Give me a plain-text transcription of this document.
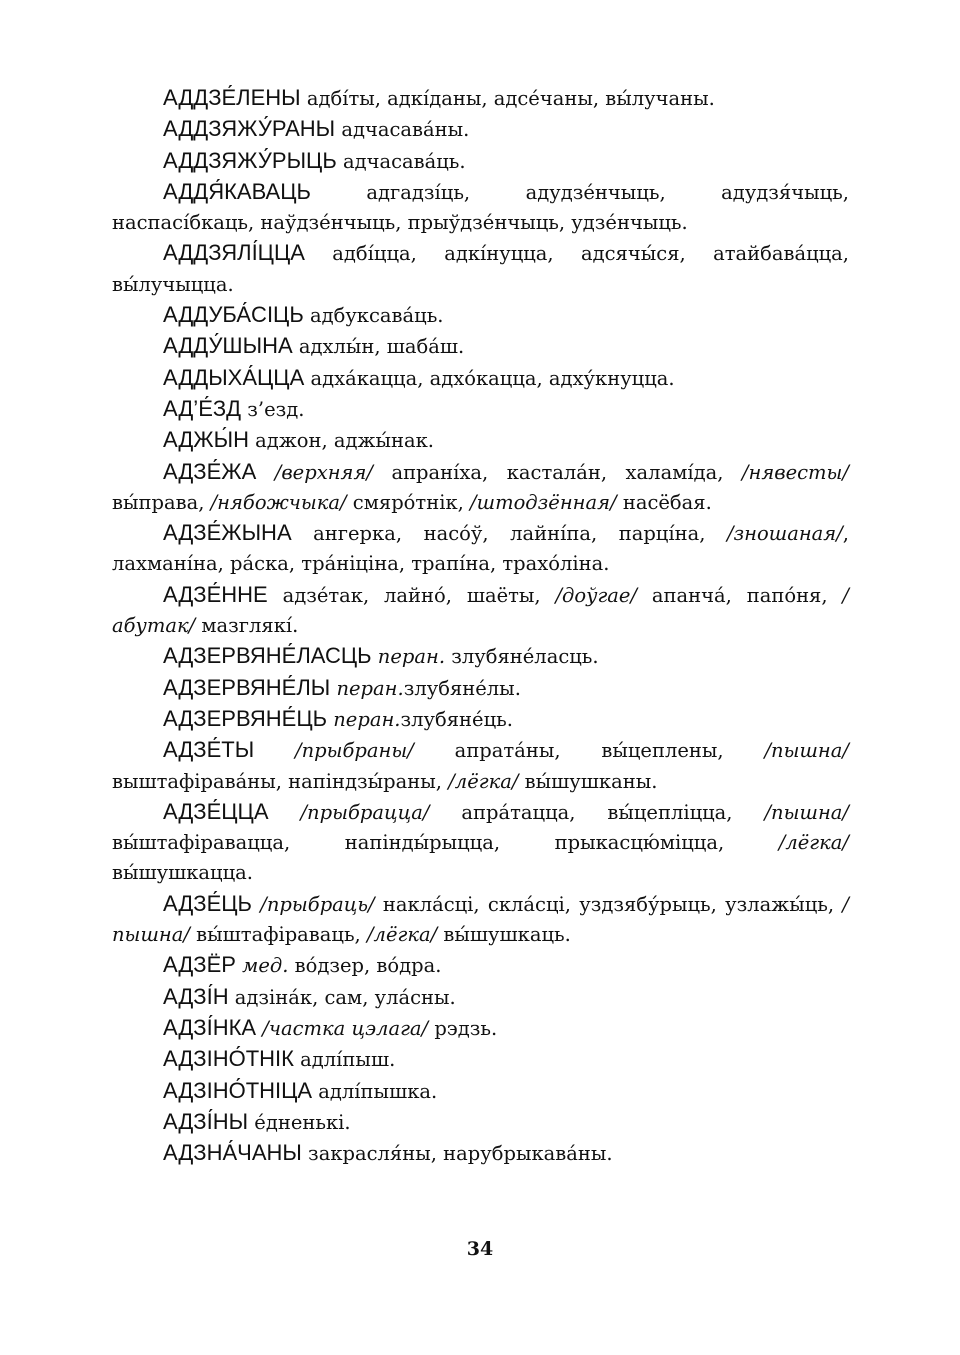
АДДЗЕ́ЛЕНЫ адбі́ты, адкі́даны, адсе́чаны, вы́лучаны.

АДДЗЯЖУ́РАНЫ адчасава́ны.

АДДЗЯЖУ́РЫЦЬ адчасава́ць.

АДДЯ́КАВАЦЬ адгадзі́ць, адудзе́нчыць, адудзя́чыць, наспасі́бкаць, наўдзе́нчыць, прыўдзе́нчыць, удзе́нчыць.

АДДЗЯЛІ́ЦЦА адбі́цца, адкі́нуцца, адсячы́ся, атайбава́цца, вы́лучыцца.

АДДУБА́СІЦЬ адбуксава́ць.

АДДУ́ШЫНА адхлы́н, шаба́ш.

АДДЫХА́ЦЦА адха́кацца, адхо́кацца, адху́кнуцца.

АД’Е́ЗД з’езд.

АДЖЫ́Н аджон, аджы́нак.

АДЗЕ́ЖА /верхняя/ апрані́ха, кастала́н, халамі́да, /нявесты/ вы́права, /нябожчыка/ смяро́тнік, /штодзённая/ насёбая.

АДЗЕ́ЖЫНА ангерка, насо́ў, лайні́па, парці́на, /зношаная/, лахмані́на, ра́ска, тра́ніціна, трапі́на, трахо́ліна.

АДЗЕ́ННЕ адзе́так, лайно́, шаёты, /доўгае/ апанча́, папо́ня, /абутак/ мазглякі́.

АДЗЕРВЯНЕ́ЛАСЦЬ перан. злубяне́ласць.

АДЗЕРВЯНЕ́ЛЫ перан.злубяне́лы.

АДЗЕРВЯНЕ́ЦЬ перан.злубяне́ць.

АДЗЕ́ТЫ /прыбраны/ апрата́ны, вы́цеплены, /пышна/ выштафірава́ны, напіндзы́раны, /лёгка/ вы́шушканы.

АДЗЕ́ЦЦА /прыбрацца/ апра́тацца, вы́цепліцца, /пышна/ вы́штафіравацца, напінды́рыцца, прыкасцю́міцца, /лёгка/ вы́шушкацца.

АДЗЕ́ЦЬ /прыбраць/ накла́сці, скла́сці, уздзябу́рыць, узлажы́ць, /пышна/ вы́штафіраваць, /лёгка/ вы́шушкаць.

АДЗЁР мед. во́дзер, во́дра.

АДЗІ́Н адзіна́к, сам, ула́сны.

АДЗІ́НКА /частка цэлага/ рэдзь.

АДЗІНО́ТНІК адлі́пыш.

АДЗІНО́ТНІЦА адлі́пышка.

АДЗІ́НЫ е́дненькі.

АДЗНА́ЧАНЫ закрасля́ны, нарубрыкава́ны.

34
